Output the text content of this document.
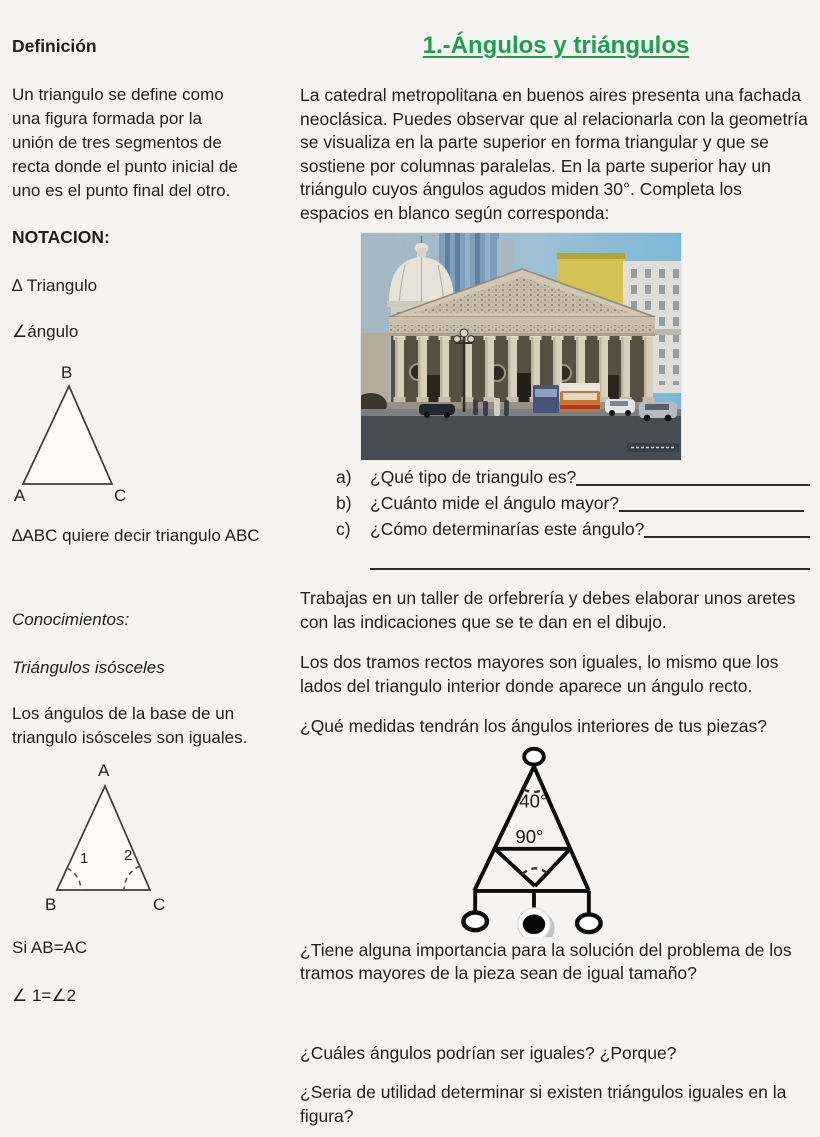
Definición

Un triangulo se define como una figura formada por la unión de tres segmentos de recta donde el punto inicial de uno es el punto final del otro.

NOTACION:

∆ Triangulo

∠ángulo

B
A	C

∆ABC quiere decir triangulo ABC

Conocimientos:

Triángulos isósceles

Los ángulos de la base de un triangulo isósceles son iguales.

A
B	C
1 2

Si AB=AC

∠ 1=∠2

1.-Ángulos y triángulos

La catedral metropolitana en buenos aires presenta una fachada neoclásica. Puedes observar que al relacionarla con la geometría se visualiza en la parte superior en forma triangular y que se sostiene por columnas paralelas. En la parte superior hay un triángulo cuyos ángulos agudos miden 30°. Completa los espacios en blanco según corresponda:

a)	¿Qué tipo de triangulo es?
b)	¿Cuánto mide el ángulo mayor?
c)	¿Cómo determinarías este ángulo?

Trabajas en un taller de orfebrería y debes elaborar unos aretes con las indicaciones que se te dan en el dibujo.

Los dos tramos rectos mayores son iguales, lo mismo que los lados del triangulo interior donde aparece un ángulo recto.

¿Qué medidas tendrán los ángulos interiores de tus piezas?

40°
90°

¿Tiene alguna importancia para la solución del problema de los tramos mayores de la pieza sean de igual tamaño?

¿Cuáles ángulos podrían ser iguales? ¿Porque?

¿Seria de utilidad determinar si existen triángulos iguales en la figura?
